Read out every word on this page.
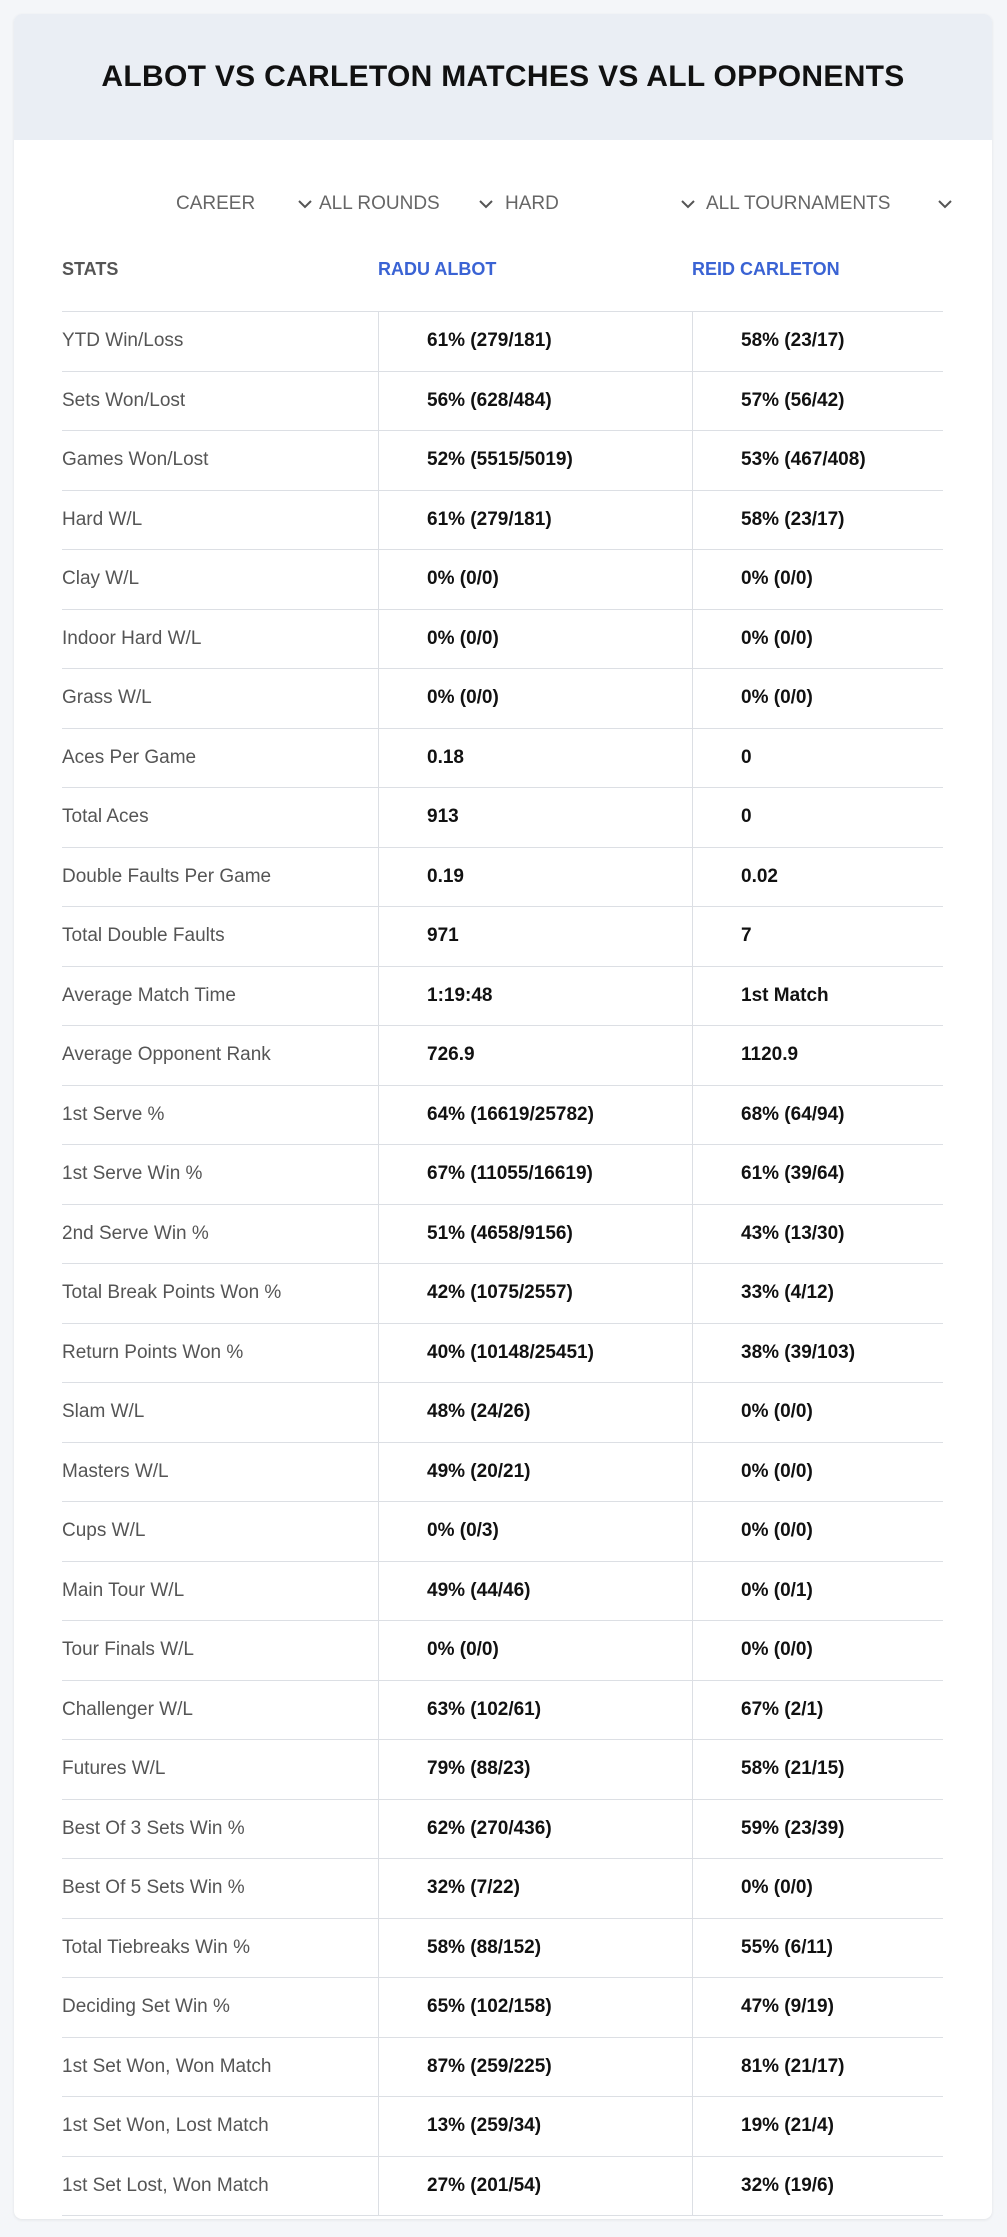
ALBOT VS CARLETON MATCHES VS ALL OPPONENTS
CAREER	ALL ROUNDS	HARD	ALL TOURNAMENTS
STATS	RADU ALBOT	REID CARLETON
YTD Win/Loss	61% (279/181)	58% (23/17)
Sets Won/Lost	56% (628/484)	57% (56/42)
Games Won/Lost	52% (5515/5019)	53% (467/408)
Hard W/L	61% (279/181)	58% (23/17)
Clay W/L	0% (0/0)	0% (0/0)
Indoor Hard W/L	0% (0/0)	0% (0/0)
Grass W/L	0% (0/0)	0% (0/0)
Aces Per Game	0.18	0
Total Aces	913	0
Double Faults Per Game	0.19	0.02
Total Double Faults	971	7
Average Match Time	1:19:48	1st Match
Average Opponent Rank	726.9	1120.9
1st Serve %	64% (16619/25782)	68% (64/94)
1st Serve Win %	67% (11055/16619)	61% (39/64)
2nd Serve Win %	51% (4658/9156)	43% (13/30)
Total Break Points Won %	42% (1075/2557)	33% (4/12)
Return Points Won %	40% (10148/25451)	38% (39/103)
Slam W/L	48% (24/26)	0% (0/0)
Masters W/L	49% (20/21)	0% (0/0)
Cups W/L	0% (0/3)	0% (0/0)
Main Tour W/L	49% (44/46)	0% (0/1)
Tour Finals W/L	0% (0/0)	0% (0/0)
Challenger W/L	63% (102/61)	67% (2/1)
Futures W/L	79% (88/23)	58% (21/15)
Best Of 3 Sets Win %	62% (270/436)	59% (23/39)
Best Of 5 Sets Win %	32% (7/22)	0% (0/0)
Total Tiebreaks Win %	58% (88/152)	55% (6/11)
Deciding Set Win %	65% (102/158)	47% (9/19)
1st Set Won, Won Match	87% (259/225)	81% (21/17)
1st Set Won, Lost Match	13% (259/34)	19% (21/4)
1st Set Lost, Won Match	27% (201/54)	32% (19/6)
